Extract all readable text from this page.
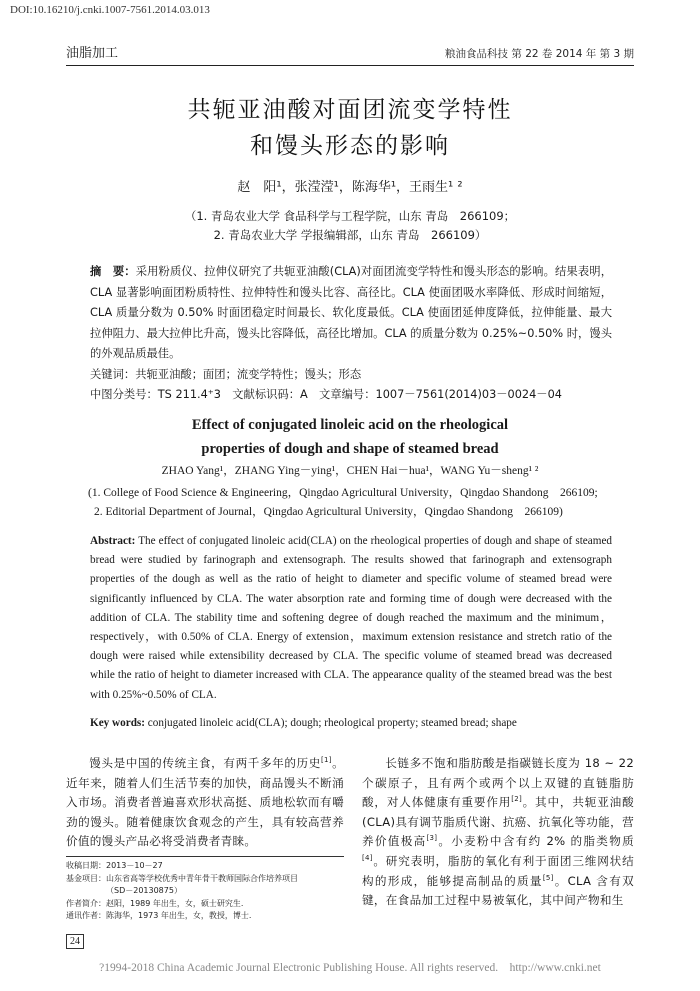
DOI:10.16210/j.cnki.1007-7561.2014.03.013
油脂加工	粮油食品科技 第 22 卷 2014 年 第 3 期
共轭亚油酸对面团流变学特性
和馒头形态的影响
赵　阳¹，张滢滢¹，陈海华¹，王雨生¹ ²
（1. 青岛农业大学 食品科学与工程学院，山东 青岛　266109；
2. 青岛农业大学 学报编辑部，山东 青岛　266109）
摘　要：采用粉质仪、拉伸仪研究了共轭亚油酸(CLA)对面团流变学特性和馒头形态的影响。结果表明，CLA 显著影响面团粉质特性、拉伸特性和馒头比容、高径比。CLA 使面团吸水率降低、形成时间缩短，CLA 质量分数为 0.50% 时面团稳定时间最长、软化度最低。CLA 使面团延伸度降低，拉伸能量、最大拉伸阻力、最大拉伸比升高，馒头比容降低，高径比增加。CLA 的质量分数为 0.25%~0.50% 时，馒头的外观品质最佳。
关键词：共轭亚油酸；面团；流变学特性；馒头；形态
中图分类号：TS 211.4⁺3　文献标识码：A　文章编号：1007－7561(2014)03－0024－04
Effect of conjugated linoleic acid on the rheological
properties of dough and shape of steamed bread
ZHAO Yang¹，ZHANG Ying－ying¹，CHEN Hai－hua¹，WANG Yu－sheng¹ ²
(1. College of Food Science & Engineering，Qingdao Agricultural University，Qingdao Shandong　266109;
2. Editorial Department of Journal，Qingdao Agricultural University，Qingdao Shandong　266109)
Abstract: The effect of conjugated linoleic acid(CLA) on the rheological properties of dough and shape of steamed bread were studied by farinograph and extensograph. The results showed that farinograph and extensograph properties of the dough as well as the ratio of height to diameter and specific volume of steamed bread were significantly influenced by CLA. The water absorption rate and forming time of dough were decreased with the addition of CLA. The stability time and softening degree of dough reached the maximum and the minimum，respectively，with 0.50% of CLA. Energy of extension，maximum extension resistance and stretch ratio of the dough were raised while extensibility decreased by CLA. The specific volume of steamed bread was decreased while the ratio of height to diameter increased with CLA. The appearance quality of the steamed bread was the best with 0.25%~0.50% of CLA.
Key words: conjugated linoleic acid(CLA); dough; rheological property; steamed bread; shape
馒头是中国的传统主食，有两千多年的历史[1]。近年来，随着人们生活节奏的加快，商品馒头不断涌入市场。消费者普遍喜欢形状高挺、质地松软而有嚼劲的馒头。随着健康饮食观念的产生，具有较高营养价值的馒头产品必将受消费者青睐。
长链多不饱和脂肪酸是指碳链长度为 18 ~ 22 个碳原子，且有两个或两个以上双键的直链脂肪酸，对人体健康有重要作用[2]。其中，共轭亚油酸(CLA)具有调节脂质代谢、抗癌、抗氧化等功能，营养价值极高[3]。小麦粉中含有约 2% 的脂类物质[4]。研究表明，脂肪的氧化有利于面团三维网状结构的形成，能够提高制品的质量[5]。CLA 含有双键，在食品加工过程中易被氧化，其中间产物和生
收稿日期：2013－10－27
基金项目：山东省高等学校优秀中青年骨干教师国际合作培养项目
（SD－20130875）
作者简介：赵阳，1989 年出生，女，硕士研究生.
通讯作者：陈海华，1973 年出生，女，教授，博士.
24
?1994-2018 China Academic Journal Electronic Publishing House. All rights reserved.　http://www.cnki.net
